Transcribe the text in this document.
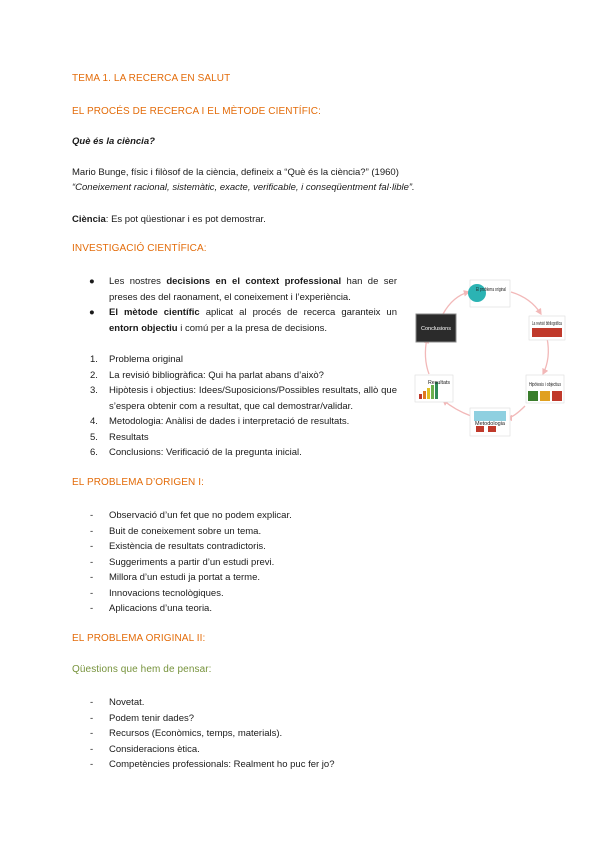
TEMA 1. LA RECERCA EN SALUT
EL PROCÉS DE RECERCA I EL MÈTODE CIENTÍFIC:
Què és la ciència?
Mario Bunge, físic i filòsof de la ciència, defineix a “Què és la ciència?” (1960)
“Coneixement racional, sistemàtic, exacte, verificable, i conseqüentment fal·lible”.
Ciència: Es pot qüestionar i es pot demostrar.
INVESTIGACIÓ CIENTÍFICA:
● Les nostres decisions en el context professional han de ser preses des del raonament, el coneixement i l’experiència.
● El mètode científic aplicat al procés de recerca garanteix un entorn objectiu i comú per a la presa de decisions.
1. Problema original
2. La revisió bibliogràfica: Qui ha parlat abans d’això?
3. Hipòtesis i objectius: Idees/Suposicions/Possibles resultats, allò que s’espera obtenir com a resultat, que cal demostrar/validar.
4. Metodologia: Anàlisi de dades i interpretació de resultats.
5. Resultats
6. Conclusions: Verificació de la pregunta inicial.
El problema original
La revisió bibliogràfica
Hipòtesis i objectius
Metodologia
Resultats
Conclusions
EL PROBLEMA D’ORIGEN I:
- Observació d’un fet que no podem explicar.
- Buit de coneixement sobre un tema.
- Existència de resultats contradictoris.
- Suggeriments a partir d’un estudi previ.
- Millora d’un estudi ja portat a terme.
- Innovacions tecnològiques.
- Aplicacions d’una teoria.
EL PROBLEMA ORIGINAL II:
Qüestions que hem de pensar:
- Novetat.
- Podem tenir dades?
- Recursos (Econòmics, temps, materials).
- Consideracions ètica.
- Competències professionals: Realment ho puc fer jo?
